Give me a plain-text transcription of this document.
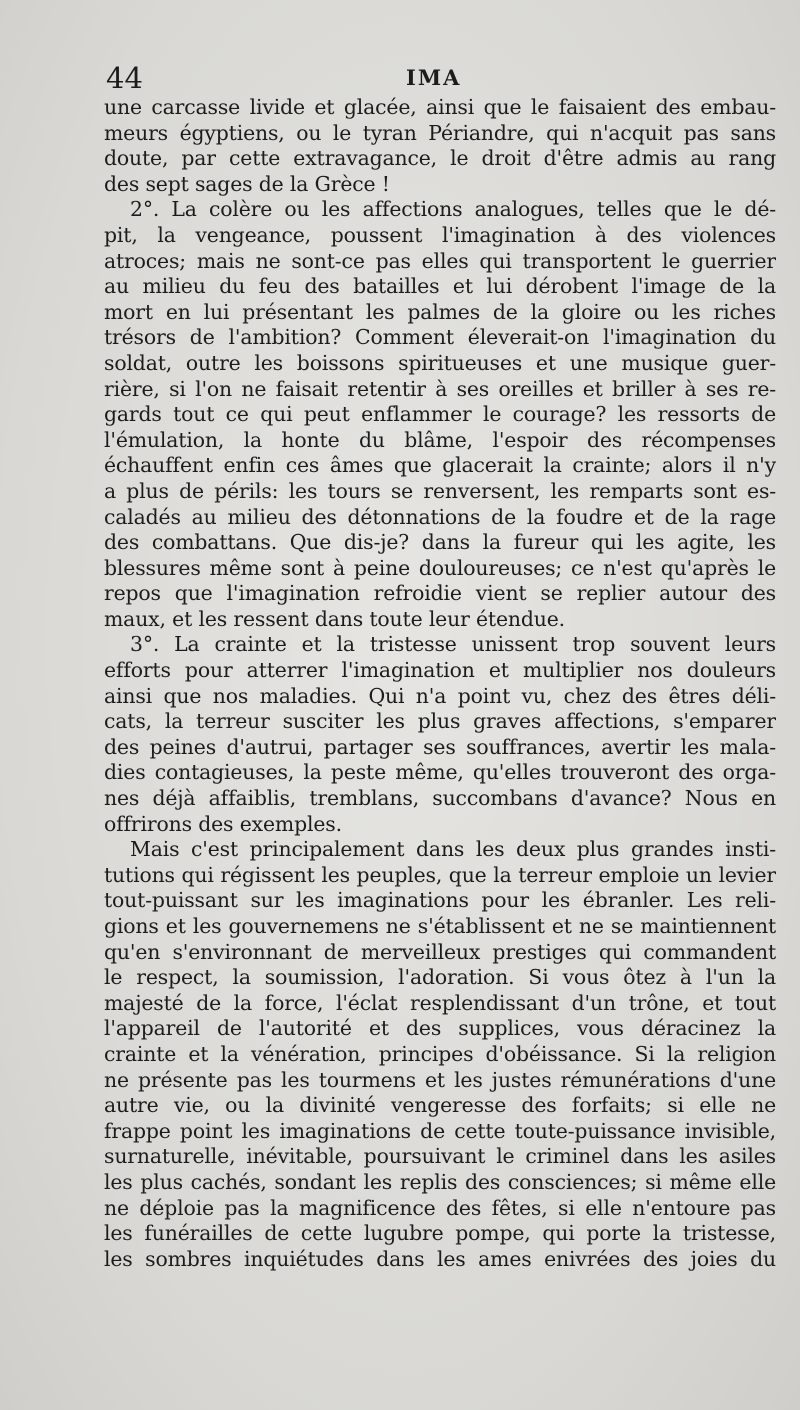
44	IMA
une carcasse livide et glacée, ainsi que le faisaient des embau-
meurs égyptiens, ou le tyran Périandre, qui n'acquit pas sans
doute, par cette extravagance, le droit d'être admis au rang
des sept sages de la Grèce !
2°. La colère ou les affections analogues, telles que le dé-
pit, la vengeance, poussent l'imagination à des violences
atroces; mais ne sont-ce pas elles qui transportent le guerrier
au milieu du feu des batailles et lui dérobent l'image de la
mort en lui présentant les palmes de la gloire ou les riches
trésors de l'ambition? Comment éleverait-on l'imagination du
soldat, outre les boissons spiritueuses et une musique guer-
rière, si l'on ne faisait retentir à ses oreilles et briller à ses re-
gards tout ce qui peut enflammer le courage? les ressorts de
l'émulation, la honte du blâme, l'espoir des récompenses
échauffent enfin ces âmes que glacerait la crainte; alors il n'y
a plus de périls: les tours se renversent, les remparts sont es-
caladés au milieu des détonnations de la foudre et de la rage
des combattans. Que dis-je? dans la fureur qui les agite, les
blessures même sont à peine douloureuses; ce n'est qu'après le
repos que l'imagination refroidie vient se replier autour des
maux, et les ressent dans toute leur étendue.
3°. La crainte et la tristesse unissent trop souvent leurs
efforts pour atterrer l'imagination et multiplier nos douleurs
ainsi que nos maladies. Qui n'a point vu, chez des êtres déli-
cats, la terreur susciter les plus graves affections, s'emparer
des peines d'autrui, partager ses souffrances, avertir les mala-
dies contagieuses, la peste même, qu'elles trouveront des orga-
nes déjà affaiblis, tremblans, succombans d'avance? Nous en
offrirons des exemples.
Mais c'est principalement dans les deux plus grandes insti-
tutions qui régissent les peuples, que la terreur emploie un levier
tout-puissant sur les imaginations pour les ébranler. Les reli-
gions et les gouvernemens ne s'établissent et ne se maintiennent
qu'en s'environnant de merveilleux prestiges qui commandent
le respect, la soumission, l'adoration. Si vous ôtez à l'un la
majesté de la force, l'éclat resplendissant d'un trône, et tout
l'appareil de l'autorité et des supplices, vous déracinez la
crainte et la vénération, principes d'obéissance. Si la religion
ne présente pas les tourmens et les justes rémunérations d'une
autre vie, ou la divinité vengeresse des forfaits; si elle ne
frappe point les imaginations de cette toute-puissance invisible,
surnaturelle, inévitable, poursuivant le criminel dans les asiles
les plus cachés, sondant les replis des consciences; si même elle
ne déploie pas la magnificence des fêtes, si elle n'entoure pas
les funérailles de cette lugubre pompe, qui porte la tristesse,
les sombres inquiétudes dans les ames enivrées des joies du
